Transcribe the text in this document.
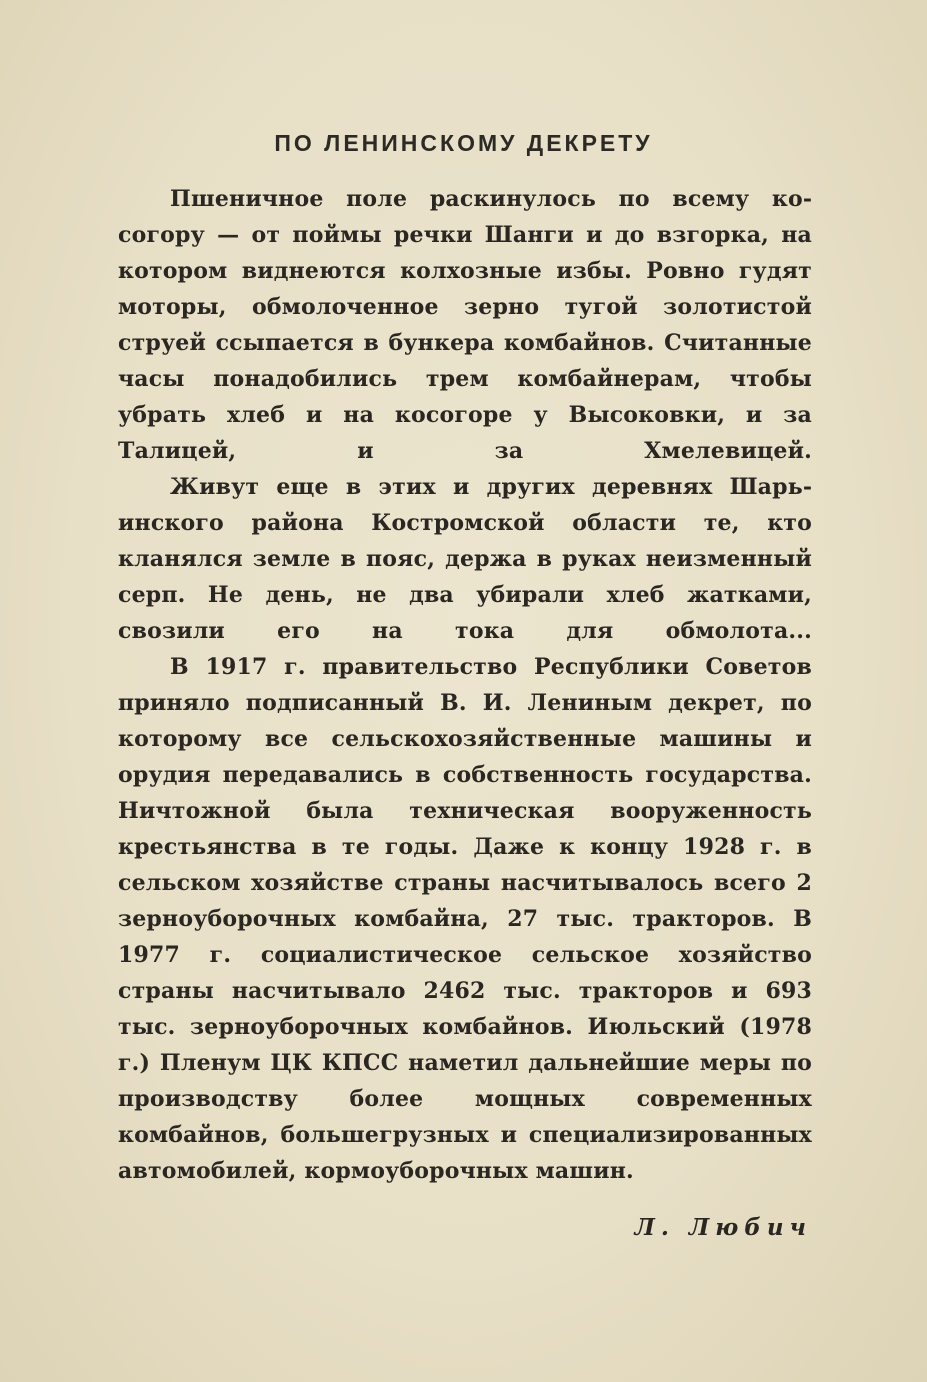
ПО ЛЕНИНСКОМУ ДЕКРЕТУ

Пшеничное поле раскинулось по всему косогору — от поймы речки Шанги и до взгорка, на котором виднеются колхозные избы. Ровно гудят моторы, обмолоченное зерно тугой золотистой струей ссыпается в бункера комбайнов. Считанные часы понадобились трем комбайнерам, чтобы убрать хлеб и на косогоре у Высоковки, и за Талицей, и за Хмелевицей.

Живут еще в этих и других деревнях Шарьинского района Костромской области те, кто кланялся земле в пояс, держа в руках неизменный серп. Не день, не два убирали хлеб жатками, свозили его на тока для обмолота...

В 1917 г. правительство Республики Советов приняло подписанный В. И. Лениным декрет, по которому все сельскохозяйственные машины и орудия передавались в собственность государства. Ничтожной была техническая вооруженность крестьянства в те годы. Даже к концу 1928 г. в сельском хозяйстве страны насчитывалось всего 2 зерноуборочных комбайна, 27 тыс. тракторов. В 1977 г. социалистическое сельское хозяйство страны насчитывало 2462 тыс. тракторов и 693 тыс. зерноуборочных комбайнов. Июльский (1978 г.) Пленум ЦК КПСС наметил дальнейшие меры по производству более мощных современных комбайнов, большегрузных и специализированных автомобилей, кормоуборочных машин.

Л. Любич
